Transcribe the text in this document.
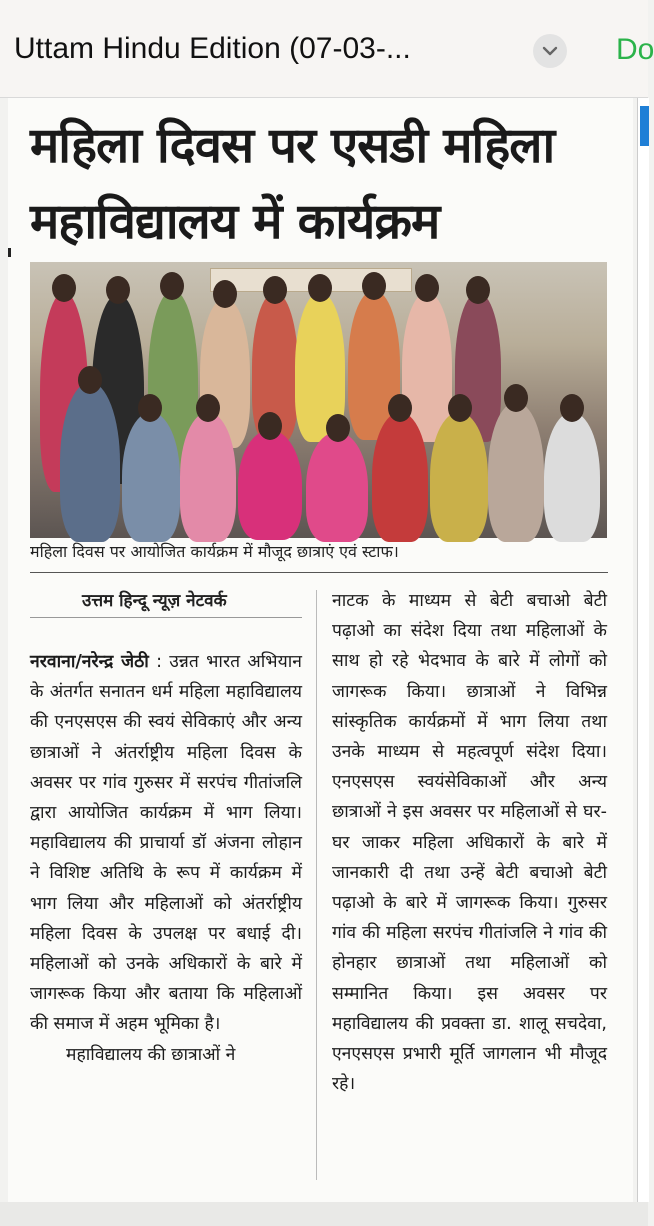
Uttam Hindu Edition (07-03-...	Do
महिला दिवस पर एसडी महिला महाविद्यालय में कार्यक्रम
महिला दिवस पर आयोजित कार्यक्रम में मौजूद छात्राएं एवं स्टाफ।
उत्तम हिन्दू न्यूज़ नेटवर्क

नरवाना/नरेन्द्र जेठी : उन्नत भारत अभियान के अंतर्गत सनातन धर्म महिला महाविद्यालय की एनएसएस की स्वयं सेविकाएं और अन्य छात्राओं ने अंतर्राष्ट्रीय महिला दिवस के अवसर पर गांव गुरुसर में सरपंच गीतांजलि द्वारा आयोजित कार्यक्रम में भाग लिया। महाविद्यालय की प्राचार्या डॉ अंजना लोहान ने विशिष्ट अतिथि के रूप में कार्यक्रम में भाग लिया और महिलाओं को अंतर्राष्ट्रीय महिला दिवस के उपलक्ष पर बधाई दी। महिलाओं को उनके अधिकारों के बारे में जागरूक किया और बताया कि महिलाओं की समाज में अहम भूमिका है।

महाविद्यालय की छात्राओं ने

नाटक के माध्यम से बेटी बचाओ बेटी पढ़ाओ का संदेश दिया तथा महिलाओं के साथ हो रहे भेदभाव के बारे में लोगों को जागरूक किया। छात्राओं ने विभिन्न सांस्कृतिक कार्यक्रमों में भाग लिया तथा उनके माध्यम से महत्वपूर्ण संदेश दिया। एनएसएस स्वयंसेविकाओं और अन्य छात्राओं ने इस अवसर पर महिलाओं से घर-घर जाकर महिला अधिकारों के बारे में जानकारी दी तथा उन्हें बेटी बचाओ बेटी पढ़ाओ के बारे में जागरूक किया। गुरुसर गांव की महिला सरपंच गीतांजलि ने गांव की होनहार छात्राओं तथा महिलाओं को सम्मानित किया। इस अवसर पर महाविद्यालय की प्रवक्ता डा. शालू सचदेवा, एनएसएस प्रभारी मूर्ति जागलान भी मौजूद रहे।
